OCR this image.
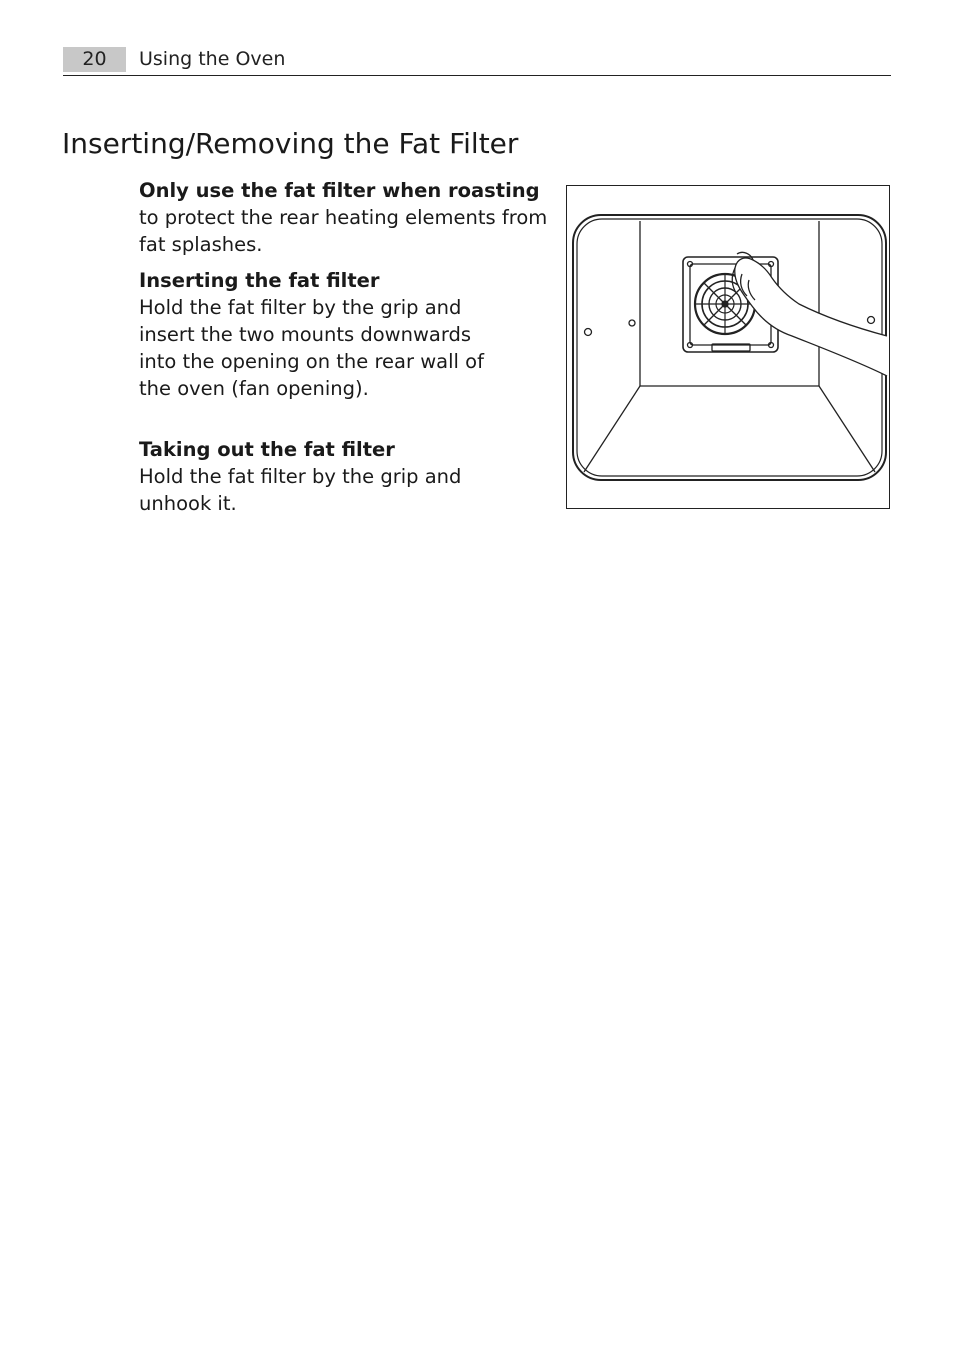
20	Using the Oven
Inserting/Removing the Fat Filter

Only use the fat filter when roasting to protect the rear heating elements from fat splashes.

Inserting the fat filter
Hold the fat filter by the grip and insert the two mounts downwards into the opening on the rear wall of the oven (fan opening).
Taking out the fat filter
Hold the fat filter by the grip and unhook it.
